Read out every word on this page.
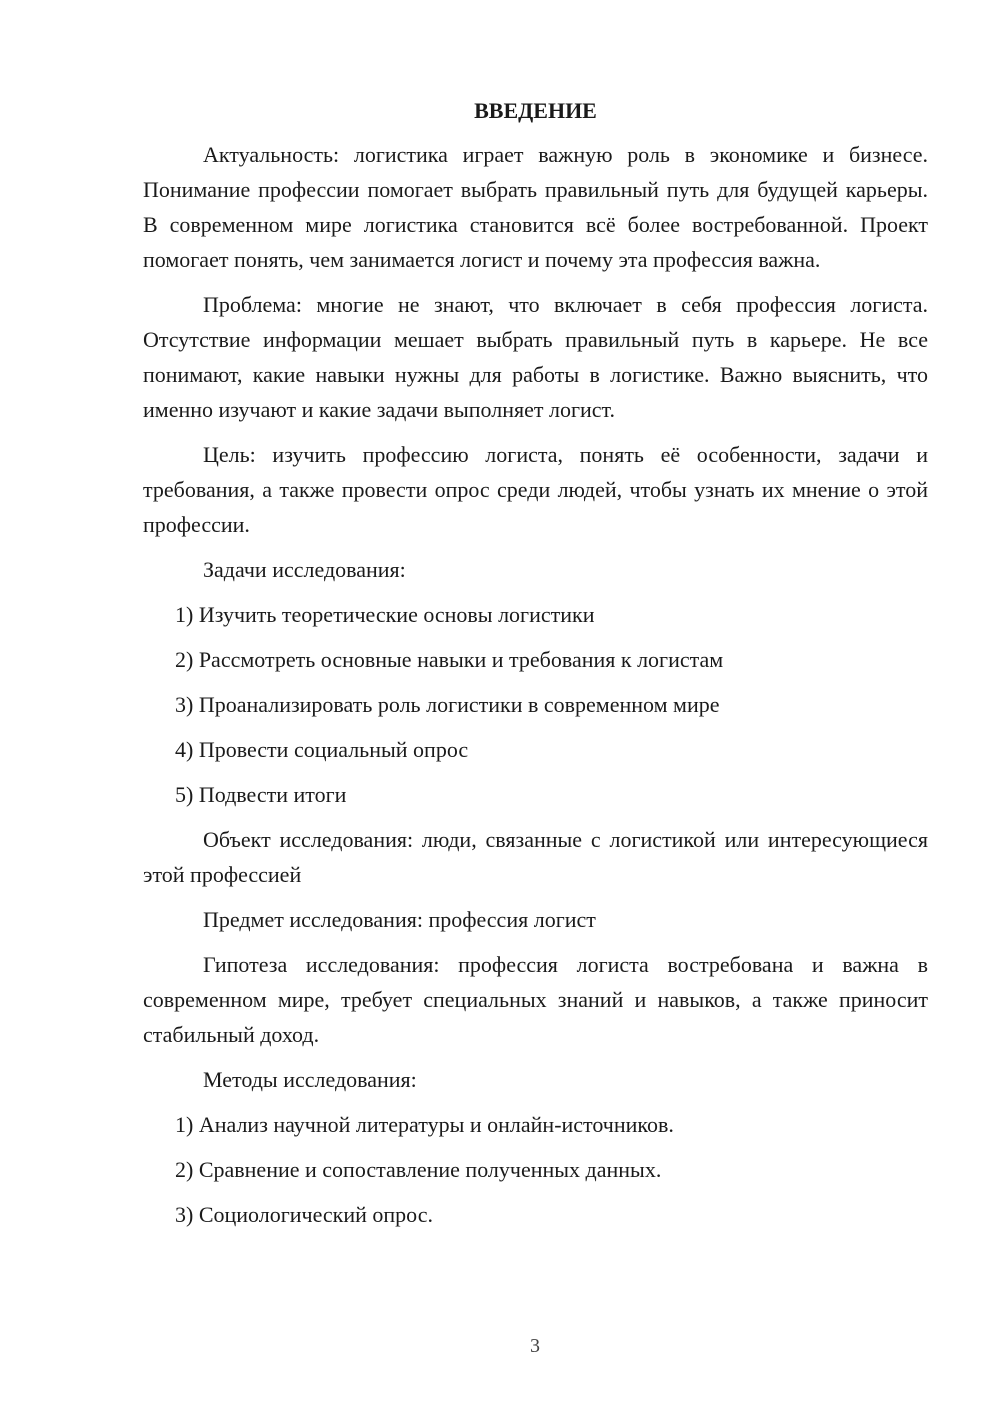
ВВЕДЕНИЕ

Актуальность: логистика играет важную роль в экономике и бизнесе. Понимание профессии помогает выбрать правильный путь для будущей карьеры. В современном мире логистика становится всё более востребованной. Проект помогает понять, чем занимается логист и почему эта профессия важна.

Проблема: многие не знают, что включает в себя профессия логиста. Отсутствие информации мешает выбрать правильный путь в карьере. Не все понимают, какие навыки нужны для работы в логистике. Важно выяснить, что именно изучают и какие задачи выполняет логист.

Цель: изучить профессию логиста, понять её особенности, задачи и требования, а также провести опрос среди людей, чтобы узнать их мнение о этой профессии.

Задачи исследования:

1) Изучить теоретические основы логистики
2) Рассмотреть основные навыки и требования к логистам
3) Проанализировать роль логистики в современном мире
4) Провести социальный опрос
5) Подвести итоги

Объект исследования: люди, связанные с логистикой или интересующиеся этой профессией

Предмет исследования: профессия логист

Гипотеза исследования: профессия логиста востребована и важна в современном мире, требует специальных знаний и навыков, а также приносит стабильный доход.

Методы исследования:

1) Анализ научной литературы и онлайн-источников.
2) Сравнение и сопоставление полученных данных.
3) Социологический опрос.
3
